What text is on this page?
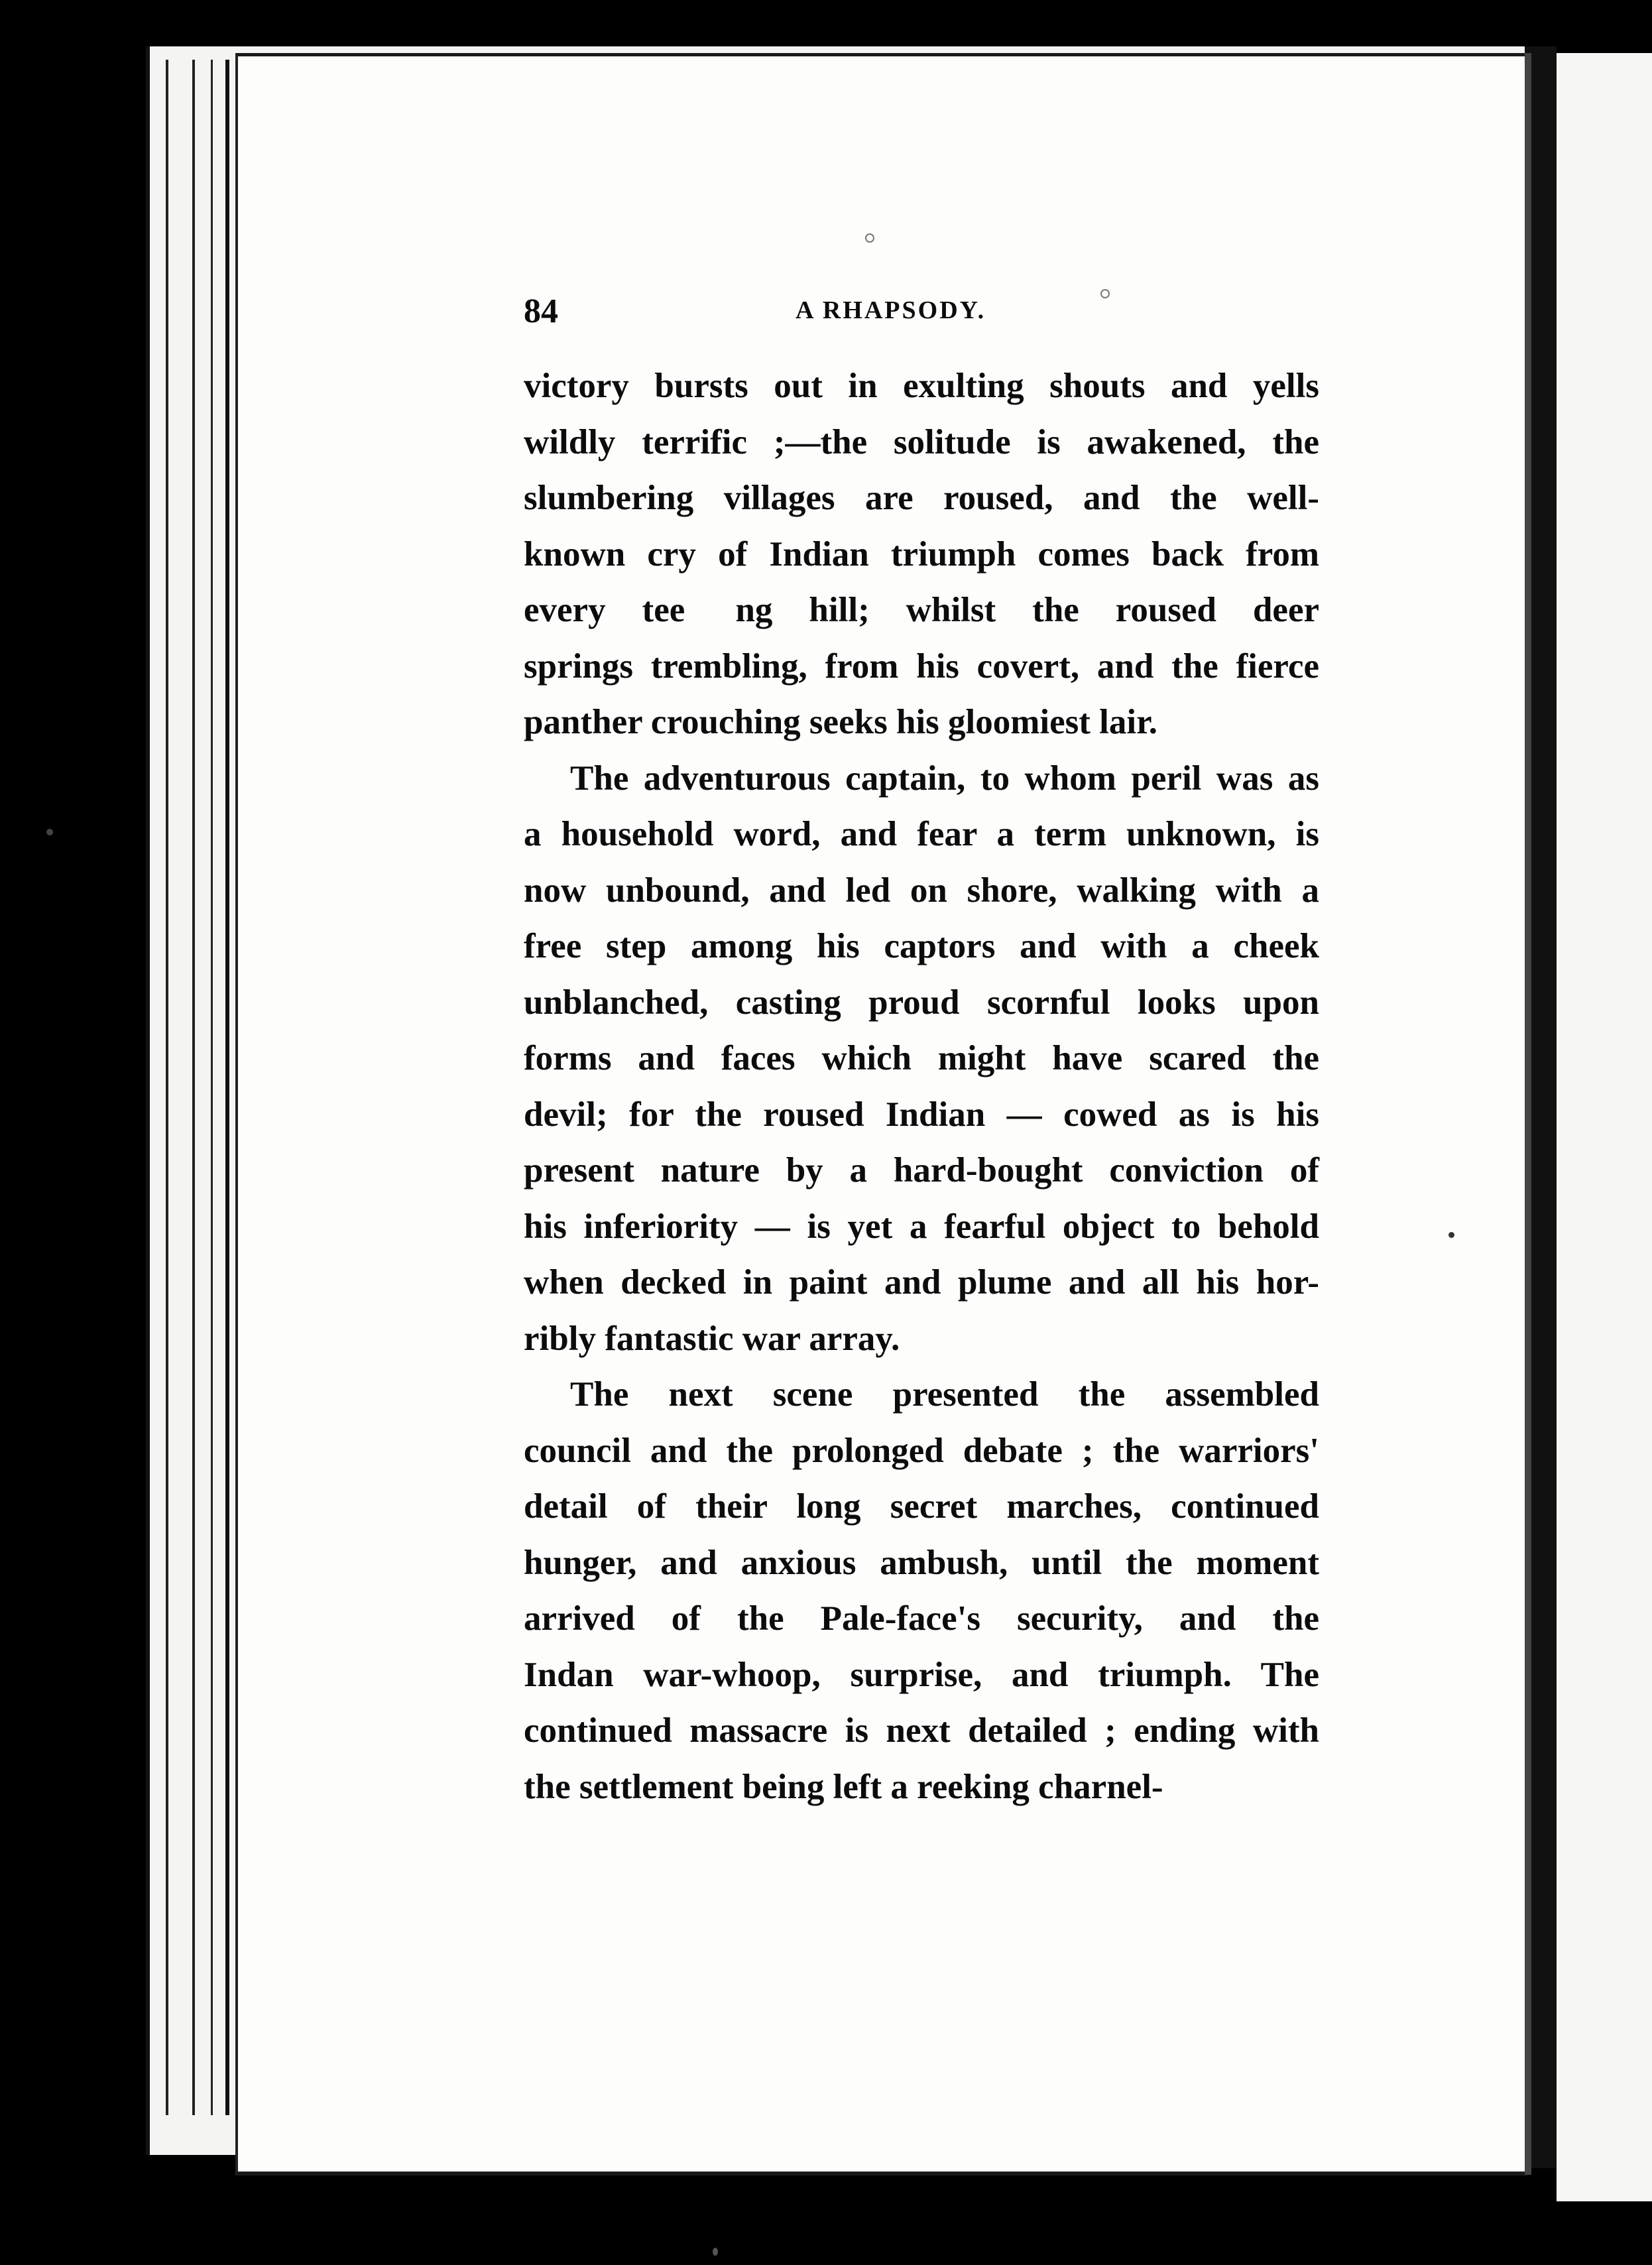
84	A RHAPSODY.
victory bursts out in exulting shouts and yells
wildly terrific ;—the solitude is awakened, the
slumbering villages are roused, and the well-
known cry of Indian triumph comes back from
every tee   ng hill; whilst the roused deer
springs trembling, from his covert, and the fierce
panther crouching seeks his gloomiest lair.
The adventurous captain, to whom peril was as
a household word, and fear a term unknown, is
now unbound, and led on shore, walking with a
free step among his captors and with a cheek
unblanched, casting proud scornful looks upon
forms and faces which might have scared the
devil; for the roused Indian — cowed as is his
present nature by a hard-bought conviction of
his inferiority — is yet a fearful object to behold
when decked in paint and plume and all his hor-
ribly fantastic war array.
The next scene presented the assembled
council and the prolonged debate ; the warriors'
detail of their long secret marches, continued
hunger, and anxious ambush, until the moment
arrived of the Pale-face's security, and the
Indan war-whoop, surprise, and triumph. The
continued massacre is next detailed ; ending with
the settlement being left a reeking charnel-
